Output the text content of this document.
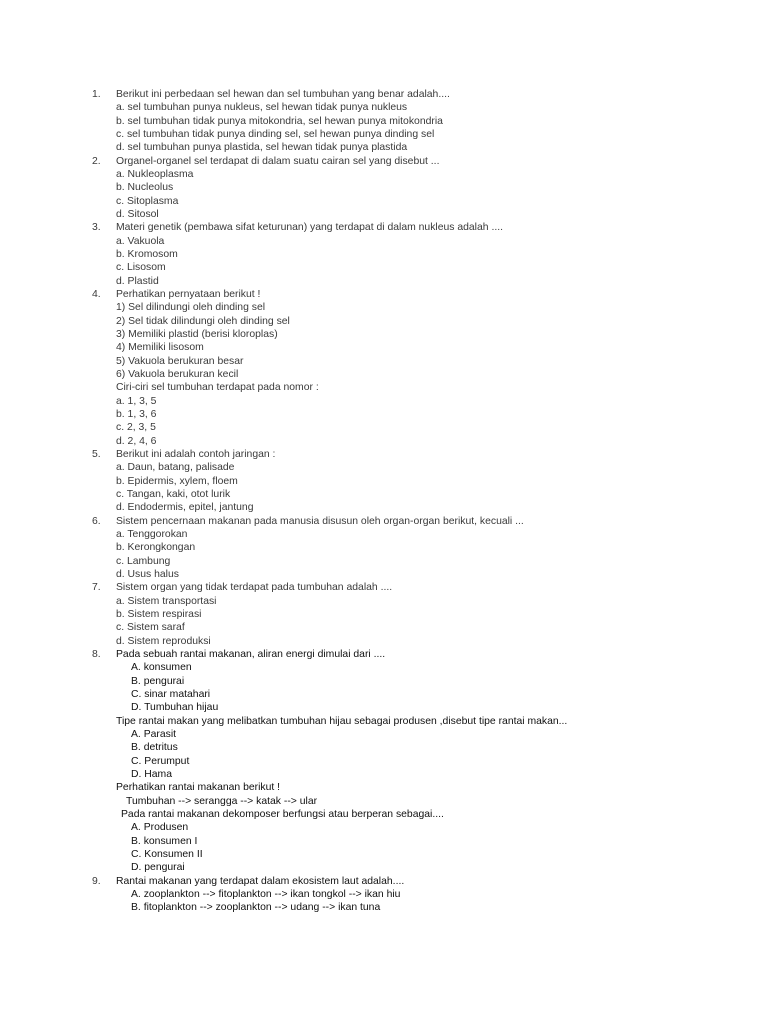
1.	Berikut ini perbedaan sel hewan dan sel tumbuhan yang benar adalah....
a. sel tumbuhan punya nukleus, sel hewan tidak punya nukleus
b. sel tumbuhan tidak punya mitokondria, sel hewan punya mitokondria
c. sel tumbuhan tidak punya dinding sel, sel hewan punya dinding sel
d. sel tumbuhan punya plastida, sel hewan tidak punya plastida
2.	Organel-organel sel terdapat di dalam suatu cairan sel yang disebut ...
a. Nukleoplasma
b. Nucleolus
c. Sitoplasma
d. Sitosol
3.	Materi genetik (pembawa sifat keturunan) yang terdapat di dalam nukleus adalah ....
a. Vakuola
b. Kromosom
c. Lisosom
d. Plastid
4.	Perhatikan pernyataan berikut !
1) Sel dilindungi oleh dinding sel
2) Sel tidak dilindungi oleh dinding sel
3) Memiliki plastid (berisi kloroplas)
4) Memiliki lisosom
5) Vakuola berukuran besar
6) Vakuola berukuran kecil
Ciri-ciri sel tumbuhan terdapat pada nomor :
a. 1, 3, 5
b. 1, 3, 6
c. 2, 3, 5
d. 2, 4, 6
5.	Berikut ini adalah contoh jaringan :
a. Daun, batang, palisade
b. Epidermis, xylem, floem
c. Tangan, kaki, otot lurik
d. Endodermis, epitel, jantung
6.	Sistem pencernaan makanan pada manusia disusun oleh organ-organ berikut, kecuali ...
a. Tenggorokan
b. Kerongkongan
c. Lambung
d. Usus halus
7.	Sistem organ yang tidak terdapat pada tumbuhan adalah ....
a. Sistem transportasi
b. Sistem respirasi
c. Sistem saraf
d. Sistem reproduksi
8.	Pada sebuah rantai makanan, aliran energi dimulai dari ....
A. konsumen
B. pengurai
C. sinar matahari
D. Tumbuhan hijau
Tipe rantai makan yang melibatkan tumbuhan hijau sebagai produsen ,disebut tipe rantai makan...
A. Parasit
B. detritus
C. Perumput
D. Hama
Perhatikan rantai makanan berikut !
Tumbuhan --> serangga --> katak --> ular
Pada rantai makanan dekomposer berfungsi atau berperan sebagai....
A. Produsen
B. konsumen I
C. Konsumen II
D. pengurai
9.	Rantai makanan yang terdapat dalam ekosistem laut adalah....
A. zooplankton --> fitoplankton --> ikan tongkol --> ikan hiu
B. fitoplankton --> zooplankton --> udang --> ikan tuna
